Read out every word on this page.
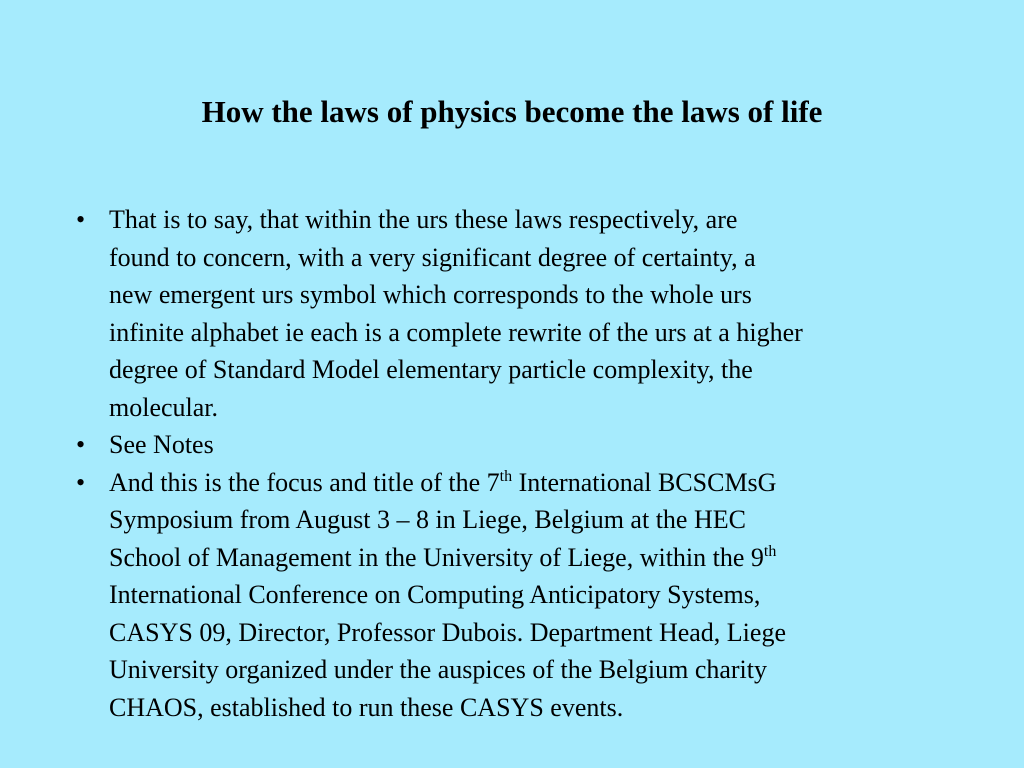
How the laws of physics become the laws of life
• That is to say, that within the urs these laws respectively, are
found to concern, with a very significant degree of certainty, a
new emergent urs symbol which corresponds to the whole urs
infinite alphabet ie each is a complete rewrite of the urs at a higher
degree of Standard Model elementary particle complexity, the
molecular.
• See Notes
• And this is the focus and title of the 7th International BCSCMsG
Symposium from August 3 – 8 in Liege, Belgium at the HEC
School of Management in the University of Liege, within the 9th
International Conference on Computing Anticipatory Systems,
CASYS 09, Director, Professor Dubois. Department Head, Liege
University organized under the auspices of the Belgium charity
CHAOS, established to run these CASYS events.
